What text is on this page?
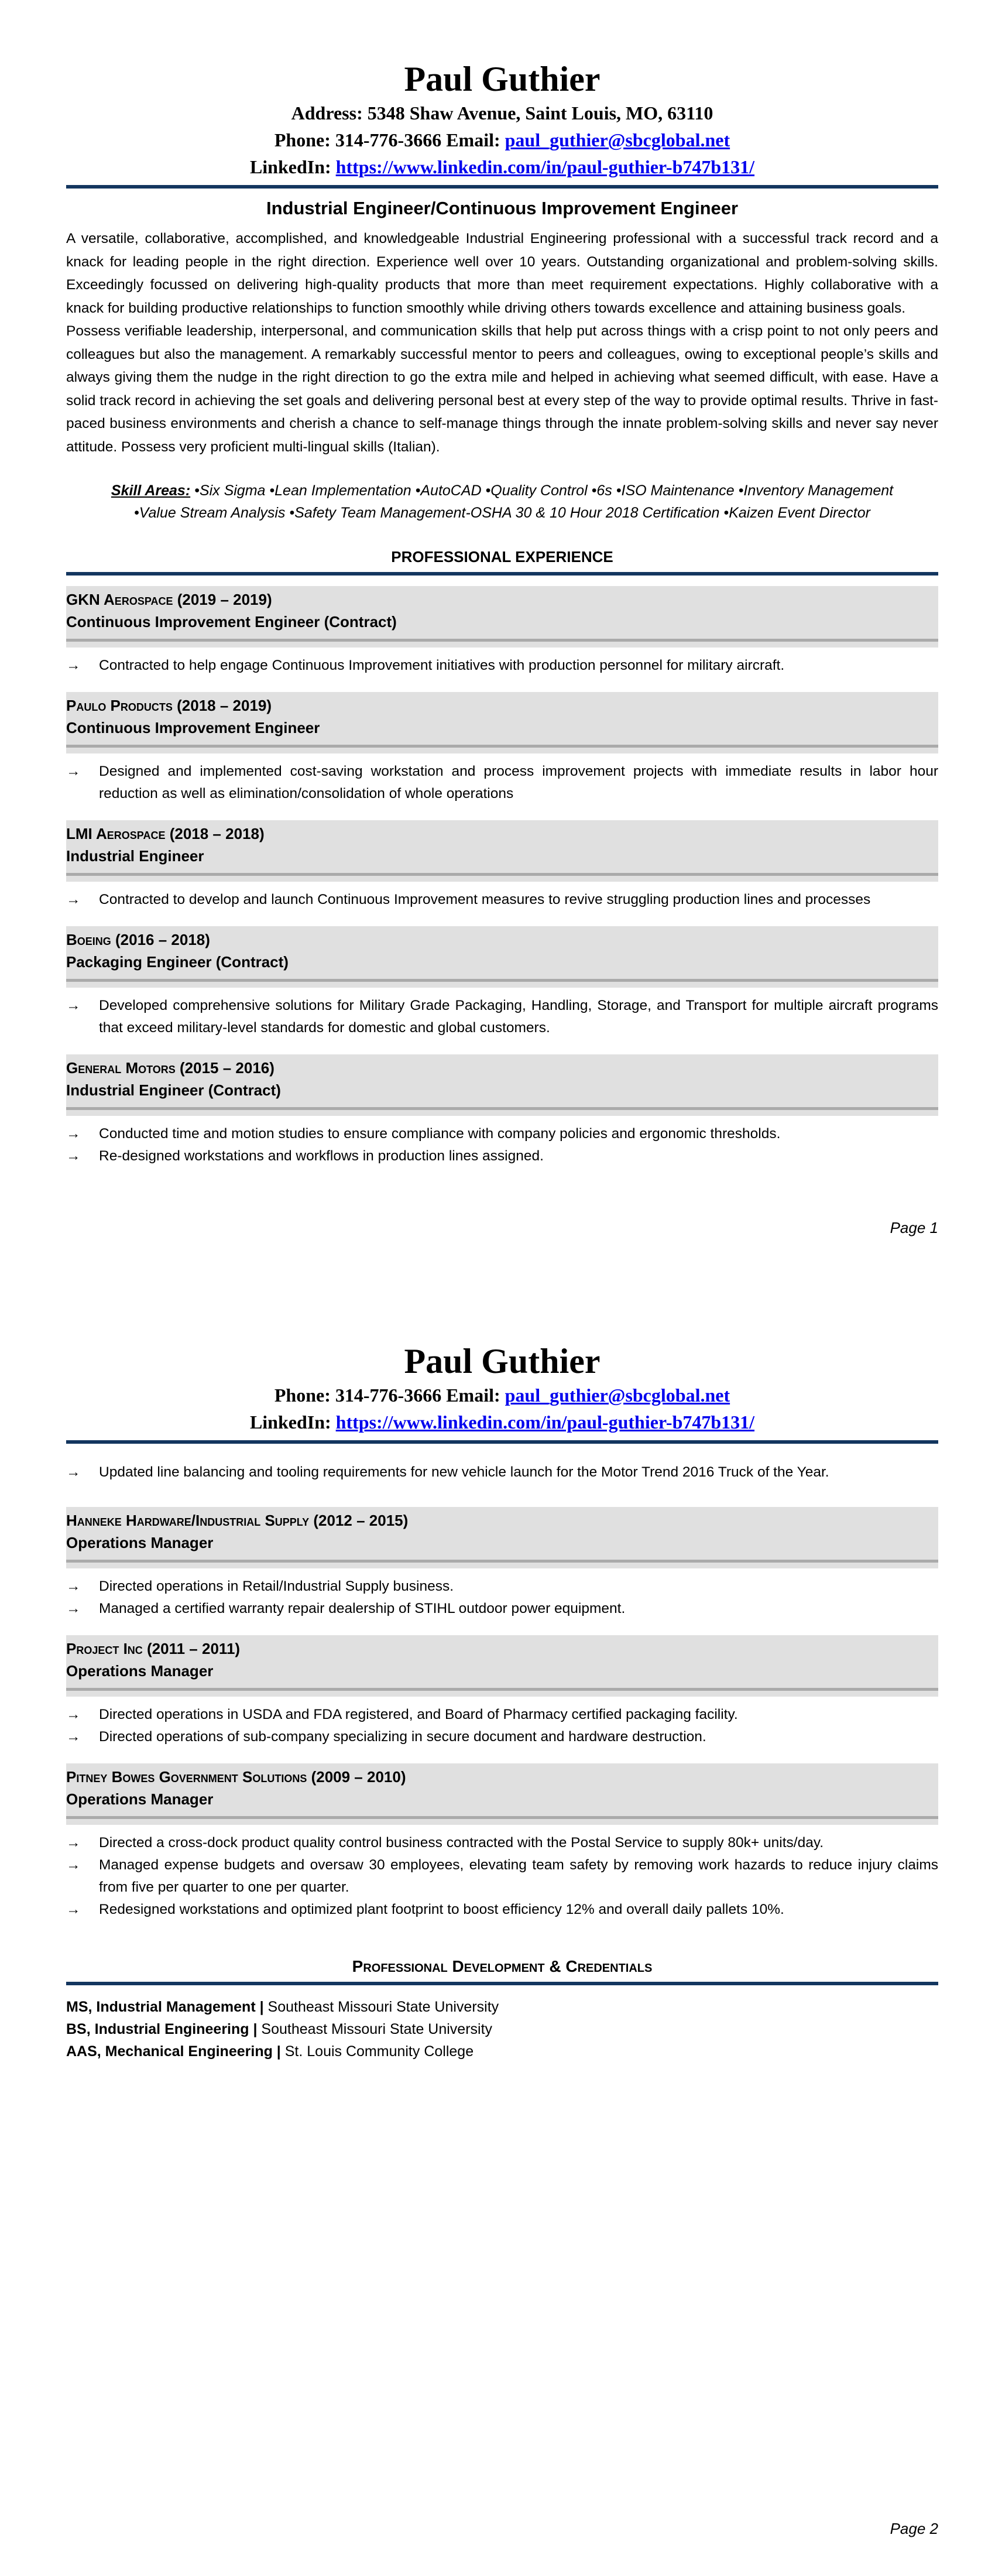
Paul Guthier
Address: 5348 Shaw Avenue, Saint Louis, MO, 63110
Phone: 314-776-3666 Email: paul_guthier@sbcglobal.net
LinkedIn: https://www.linkedin.com/in/paul-guthier-b747b131/
Industrial Engineer/Continuous Improvement Engineer

A versatile, collaborative, accomplished, and knowledgeable Industrial Engineering professional with a successful track record and a knack for leading people in the right direction. Experience well over 10 years. Outstanding organizational and problem-solving skills. Exceedingly focussed on delivering high-quality products that more than meet requirement expectations. Highly collaborative with a knack for building productive relationships to function smoothly while driving others towards excellence and attaining business goals.

Possess verifiable leadership, interpersonal, and communication skills that help put across things with a crisp point to not only peers and colleagues but also the management. A remarkably successful mentor to peers and colleagues, owing to exceptional people’s skills and always giving them the nudge in the right direction to go the extra mile and helped in achieving what seemed difficult, with ease. Have a solid track record in achieving the set goals and delivering personal best at every step of the way to provide optimal results. Thrive in fast-paced business environments and cherish a chance to self-manage things through the innate problem-solving skills and never say never attitude. Possess very proficient multi-lingual skills (Italian).

Skill Areas: •Six Sigma •Lean Implementation •AutoCAD •Quality Control •6s •ISO Maintenance •Inventory Management •Value Stream Analysis •Safety Team Management-OSHA 30 & 10 Hour 2018 Certification •Kaizen Event Director
PROFESSIONAL EXPERIENCE
GKN Aerospace (2019 – 2019)
Continuous Improvement Engineer (Contract)
→ Contracted to help engage Continuous Improvement initiatives with production personnel for military aircraft.
Paulo Products (2018 – 2019)
Continuous Improvement Engineer
→ Designed and implemented cost-saving workstation and process improvement projects with immediate results in labor hour reduction as well as elimination/consolidation of whole operations
LMI Aerospace (2018 – 2018)
Industrial Engineer
→ Contracted to develop and launch Continuous Improvement measures to revive struggling production lines and processes
Boeing (2016 – 2018)
Packaging Engineer (Contract)
→ Developed comprehensive solutions for Military Grade Packaging, Handling, Storage, and Transport for multiple aircraft programs that exceed military-level standards for domestic and global customers.
General Motors (2015 – 2016)
Industrial Engineer (Contract)
→ Conducted time and motion studies to ensure compliance with company policies and ergonomic thresholds.
→ Re-designed workstations and workflows in production lines assigned.
Page 1
Paul Guthier
Phone: 314-776-3666 Email: paul_guthier@sbcglobal.net
LinkedIn: https://www.linkedin.com/in/paul-guthier-b747b131/
→ Updated line balancing and tooling requirements for new vehicle launch for the Motor Trend 2016 Truck of the Year.
Hanneke Hardware/Industrial Supply (2012 – 2015)
Operations Manager
→ Directed operations in Retail/Industrial Supply business.
→ Managed a certified warranty repair dealership of STIHL outdoor power equipment.
Project Inc (2011 – 2011)
Operations Manager
→ Directed operations in USDA and FDA registered, and Board of Pharmacy certified packaging facility.
→ Directed operations of sub-company specializing in secure document and hardware destruction.
Pitney Bowes Government Solutions (2009 – 2010)
Operations Manager
→ Directed a cross-dock product quality control business contracted with the Postal Service to supply 80k+ units/day.
→ Managed expense budgets and oversaw 30 employees, elevating team safety by removing work hazards to reduce injury claims from five per quarter to one per quarter.
→ Redesigned workstations and optimized plant footprint to boost efficiency 12% and overall daily pallets 10%.
Professional Development & Credentials
MS, Industrial Management | Southeast Missouri State University
BS, Industrial Engineering | Southeast Missouri State University
AAS, Mechanical Engineering | St. Louis Community College
Page 2
